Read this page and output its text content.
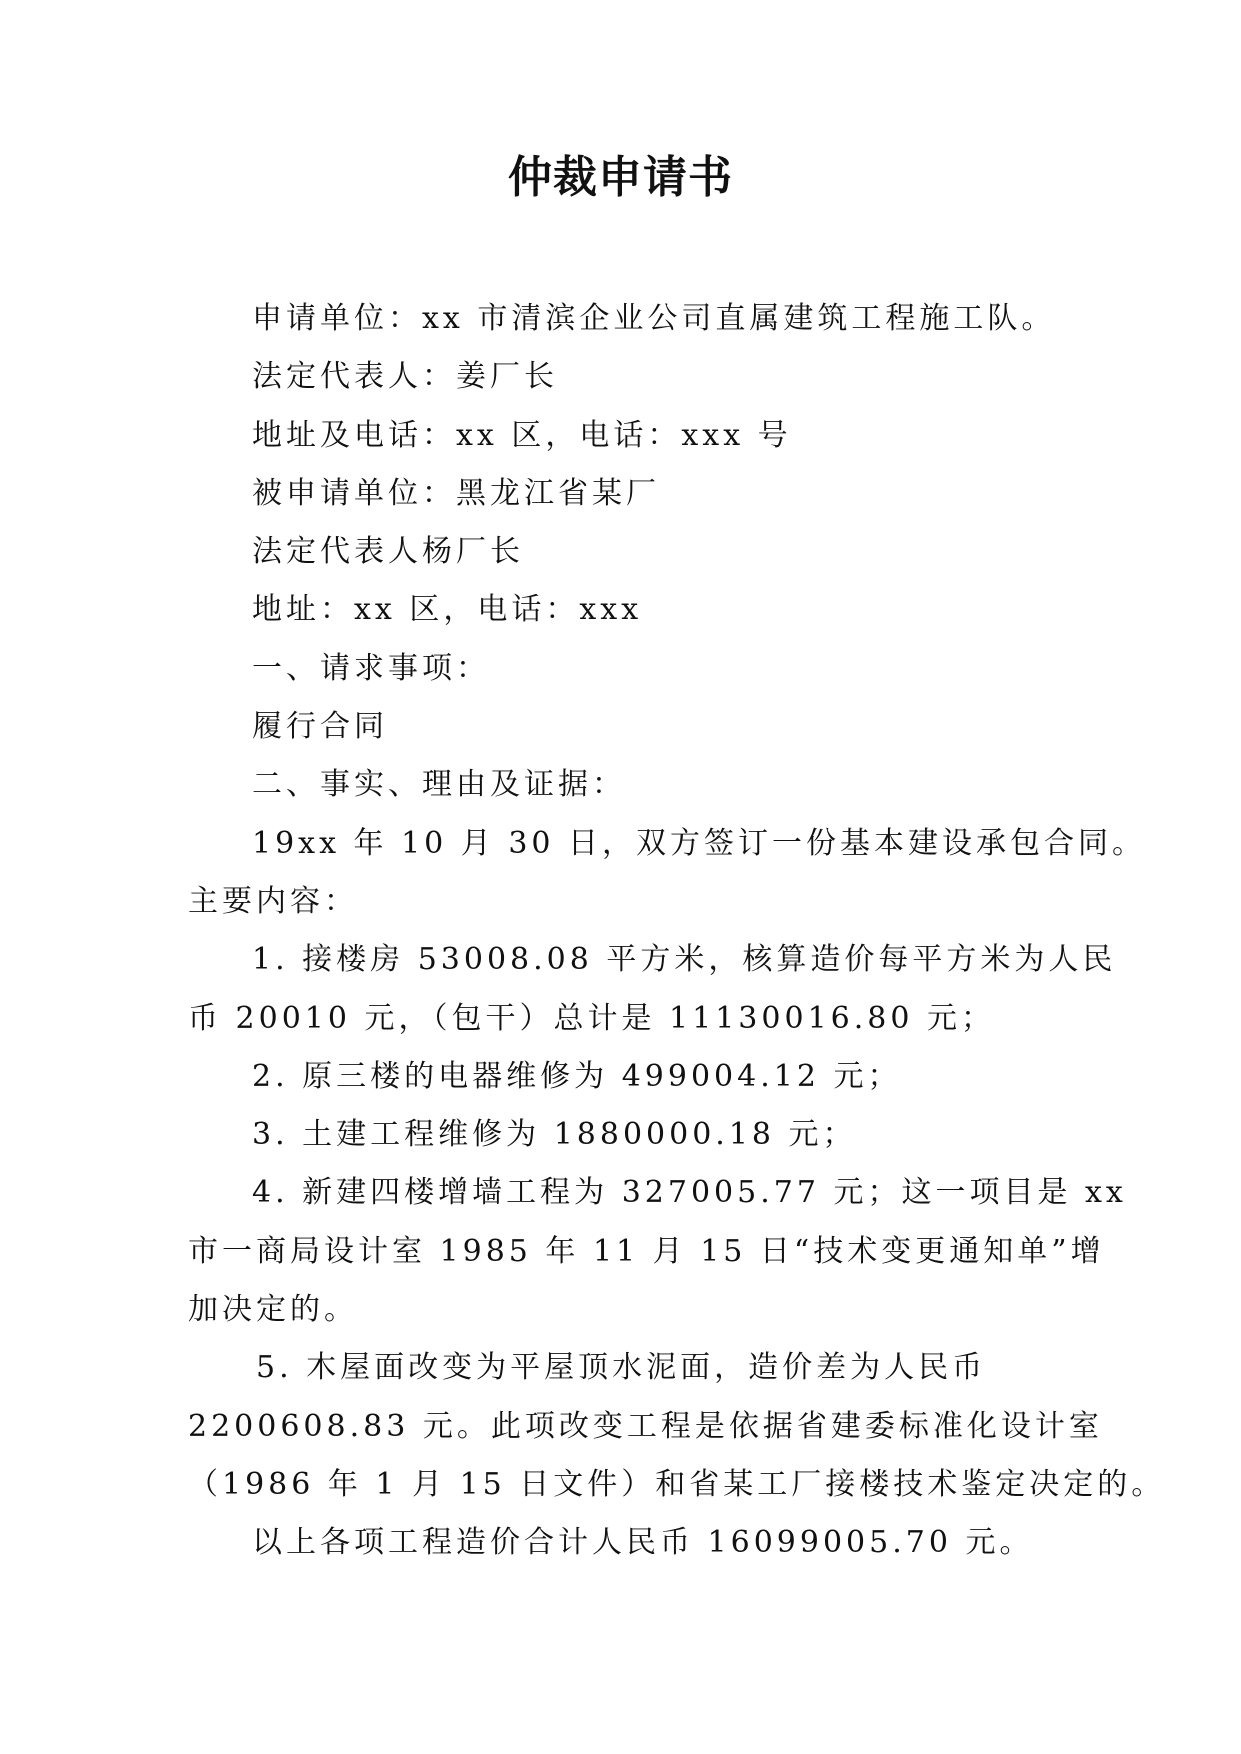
仲裁申请书
申请单位：xx 市清滨企业公司直属建筑工程施工队。
法定代表人：姜厂长
地址及电话：xx 区，电话：xxx 号
被申请单位：黑龙江省某厂
法定代表人杨厂长
地址：xx 区，电话：xxx
一、请求事项：
履行合同
二、事实、理由及证据：
19xx 年 10 月 30 日，双方签订一份基本建设承包合同。
主要内容：
1. 接楼房 53008.08 平方米，核算造价每平方米为人民
币 20010 元，（包干）总计是 11130016.80 元；
2. 原三楼的电器维修为 499004.12 元；
3. 土建工程维修为 1880000.18 元；
4. 新建四楼增墙工程为 327005.77 元；这一项目是 xx
市一商局设计室 1985 年 11 月 15 日“技术变更通知单”增
加决定的。
5. 木屋面改变为平屋顶水泥面，造价差为人民币
2200608.83 元。此项改变工程是依据省建委标准化设计室
（1986 年 1 月 15 日文件）和省某工厂接楼技术鉴定决定的。
以上各项工程造价合计人民币 16099005.70 元。
